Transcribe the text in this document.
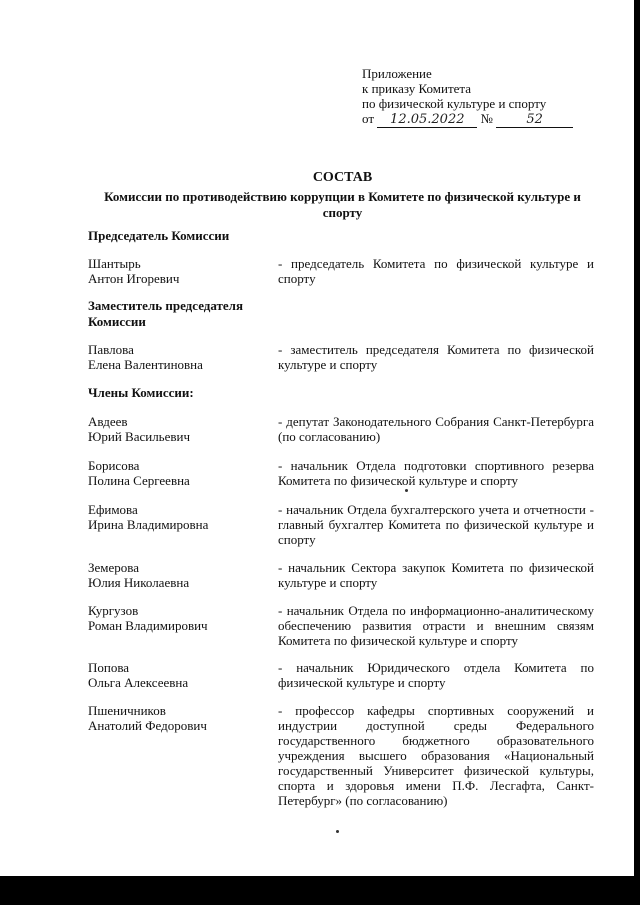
Приложение
к приказу Комитета
по физической культуре и спорту
от 12.05.2022 №	52
СОСТАВ
Комиссии по противодействию коррупции в Комитете по физической культуре и спорту
Председатель Комиссии
Шантырь
Антон Игоревич
- председатель Комитета по физической культуре и спорту
Заместитель председателя Комиссии
Павлова
Елена Валентиновна
- заместитель председателя Комитета по физической культуре и спорту
Члены Комиссии:
Авдеев
Юрий Васильевич
- депутат Законодательного Собрания Санкт-Петербурга (по согласованию)
Борисова
Полина Сергеевна
- начальник Отдела подготовки спортивного резерва Комитета по физической культуре и спорту
Ефимова
Ирина Владимировна
- начальник Отдела бухгалтерского учета и отчетности - главный бухгалтер Комитета по физической культуре и спорту
Земерова
Юлия Николаевна
- начальник Сектора закупок Комитета по физической культуре и спорту
Кургузов
Роман Владимирович
- начальник Отдела по информационно-аналитическому обеспечению развития отрасти и внешним связям Комитета по физической культуре и спорту
Попова
Ольга Алексеевна
- начальник Юридического отдела Комитета по физической культуре и спорту
Пшеничников
Анатолий Федорович
- профессор кафедры спортивных сооружений и индустрии доступной среды Федерального государственного бюджетного образовательного учреждения высшего образования «Национальный государственный Университет физической культуры, спорта и здоровья имени П.Ф. Лесгафта, Санкт-Петербург» (по согласованию)
